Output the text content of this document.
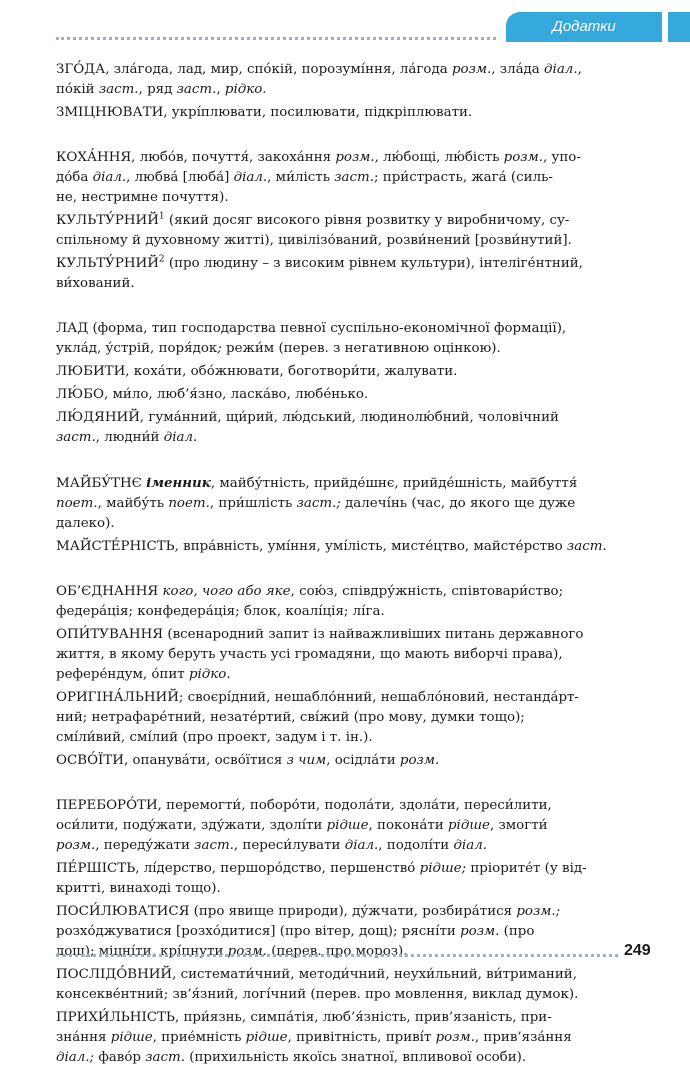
Додатки

ЗГО́ДА, зла́года, лад, мир, спо́кій, порозумі́ння, ла́года розм., зла́да діал.,
по́кій заст., ряд заст., рідко.

ЗМІЦНЮВАТИ, укрі́плювати, посилювати, підкріплювати.

КОХА́ННЯ, любо́в, почуття́, закоха́ння розм., лю́бощі, лю́бість розм., упо-
до́ба діал., любва́ [люба́] діал., ми́лість заст.; при́страсть, жага́ (силь-
не, нестримне почуття).

КУЛЬТУ́РНИЙ$^1$ (який досяг високого рівня розвитку у виробничому, су-
спільному й духовному житті), цивілізо́ваний, розви́нений [розви́нутий].

КУЛЬТУ́РНИЙ$^2$ (про людину – з високим рівнем культури), інтеліге́нтний,
ви́хований.

ЛАД (форма, тип господарства певної суспільно-економічної формації),
укла́д, у́стрій, поря́док; режи́м (перев. з негативною оцінкою).

ЛЮБИТИ, коха́ти, обо́жнювати, боготвори́ти, жалувати.

ЛЮ́БО, ми́ло, люб’я́зно, ласка́во, любе́нько.

ЛЮ́ДЯНИЙ, гума́нний, щи́рий, лю́дський, людинолю́бний, чоловічний
заст., людни́й діал.

МАЙБУ́ТНЄ іменник, майбу́тність, прийде́шнє, прийде́шність, майбуття́
поет., майбу́ть поет., при́шлість заст.; далечі́нь (час, до якого ще дуже
далеко).

МАЙСТЕ́РНІСТЬ, впра́вність, умі́ння, умі́лість, мисте́цтво, майсте́рство заст.

ОБ’ЄДНАННЯ кого, чого або яке, сою́з, співдру́жність, співтовари́ство;
федера́ція; конфедера́ція; блок, коалі́ція; лі́га.

ОПИ́ТУВАННЯ (всенародний запит із найважливіших питань державного
життя, в якому беруть участь усі громадяни, що мають виборчі права),
рефере́ндум, о́пит рідко.

ОРИГІНА́ЛЬНИЙ; своєрі́дний, нешабло́нний, нешабло́новий, нестанда́рт-
ний; нетрафаре́тний, незате́ртий, сві́жий (про мову, думки тощо);
смі́ли́вий, смі́лий (про проект, задум і т. ін.).

ОСВО́ЇТИ, опанува́ти, осво́їтися з чим, осідла́ти розм.

ПЕРЕБОРО́ТИ, перемогти́, поборо́ти, подола́ти, здола́ти, переси́лити,
оси́лити, поду́жати, зду́жати, здолі́ти рідше, покона́ти рідше, змогти́
розм., переду́жати заст., переси́лувати діал., подолі́ти діал.

ПЕ́РШІСТЬ, лі́дерство, першоро́дство, першенство́ рідше; пріорите́т (у від-
критті, винаході тощо).

ПОСИ́ЛЮВАТИСЯ (про явище природи), ду́жчати, розбира́тися розм.;
розхо́джуватися [розхо́дитися] (про вітер, дощ); рясні́ти розм. (про
дощ); міцні́ти, крі́пнути розм. (перев. про мороз).

ПОСЛІДО́ВНИЙ, системати́чний, методи́чний, неухи́льний, ви́триманий,
консекве́нтний; зв’я́зний, логі́чний (перев. про мовлення, виклад думок).

ПРИХИ́ЛЬНІСТЬ, при́язнь, симпа́тія, люб’я́зність, прив’язаність, при-
зна́ння рідше, прие́мність рідше, привітність, приві́т розм., прив’яза́ння
діал.; фаво́р заст. (прихильність якоїсь знатної, впливової особи).

249
